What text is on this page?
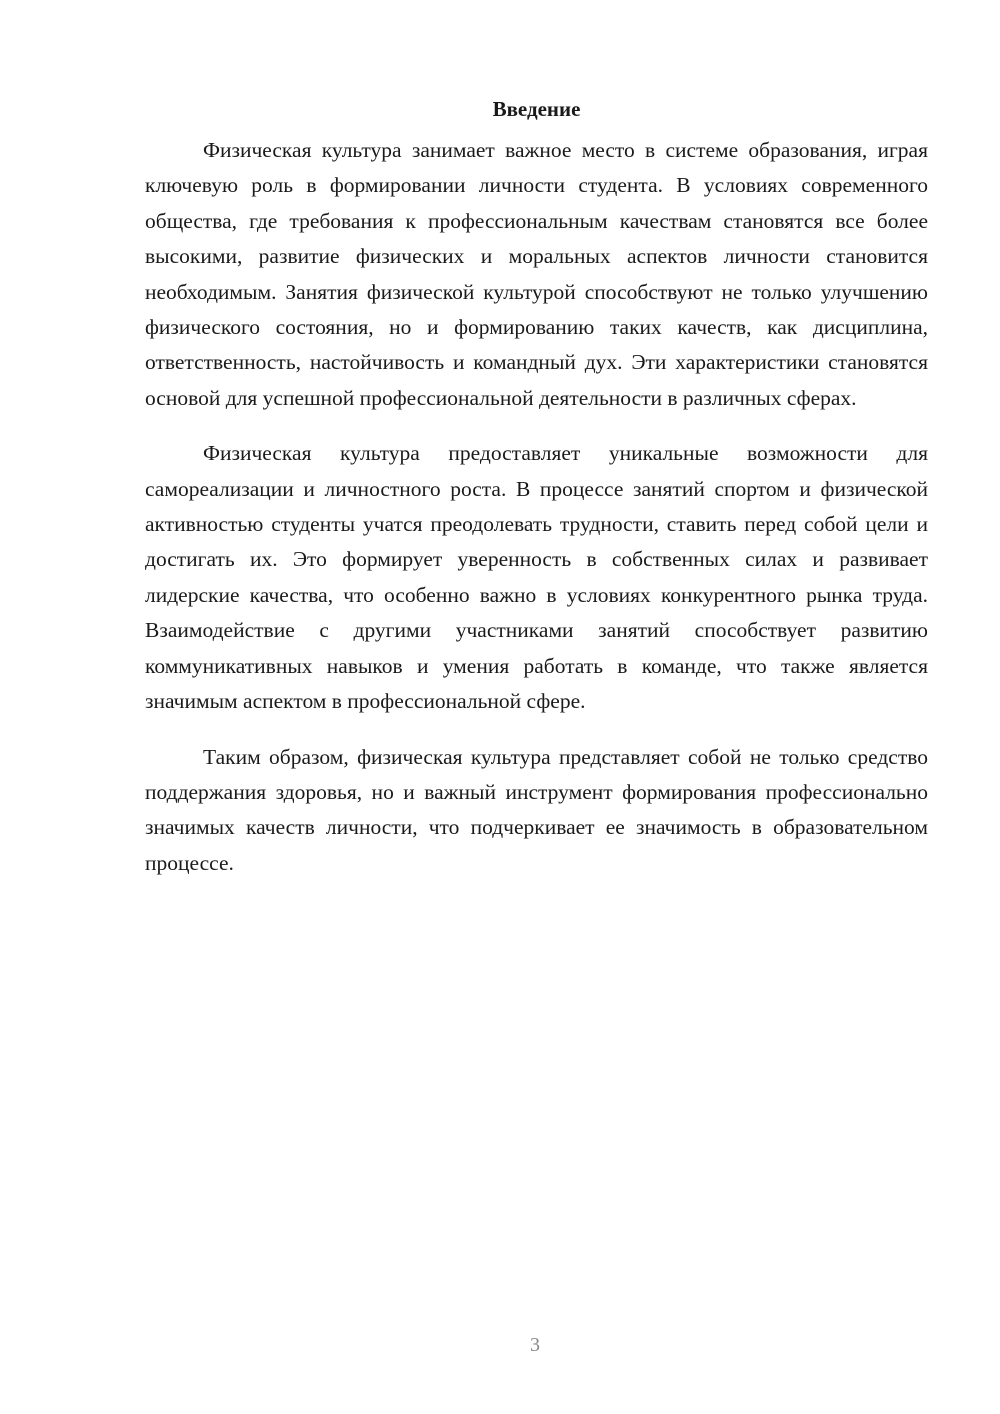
Введение

Физическая культура занимает важное место в системе образования, играя ключевую роль в формировании личности студента. В условиях современного общества, где требования к профессиональным качествам становятся все более высокими, развитие физических и моральных аспектов личности становится необходимым. Занятия физической культурой способствуют не только улучшению физического состояния, но и формированию таких качеств, как дисциплина, ответственность, настойчивость и командный дух. Эти характеристики становятся основой для успешной профессиональной деятельности в различных сферах.

Физическая культура предоставляет уникальные возможности для самореализации и личностного роста. В процессе занятий спортом и физической активностью студенты учатся преодолевать трудности, ставить перед собой цели и достигать их. Это формирует уверенность в собственных силах и развивает лидерские качества, что особенно важно в условиях конкурентного рынка труда. Взаимодействие с другими участниками занятий способствует развитию коммуникативных навыков и умения работать в команде, что также является значимым аспектом в профессиональной сфере.

Таким образом, физическая культура представляет собой не только средство поддержания здоровья, но и важный инструмент формирования профессионально значимых качеств личности, что подчеркивает ее значимость в образовательном процессе.

3
